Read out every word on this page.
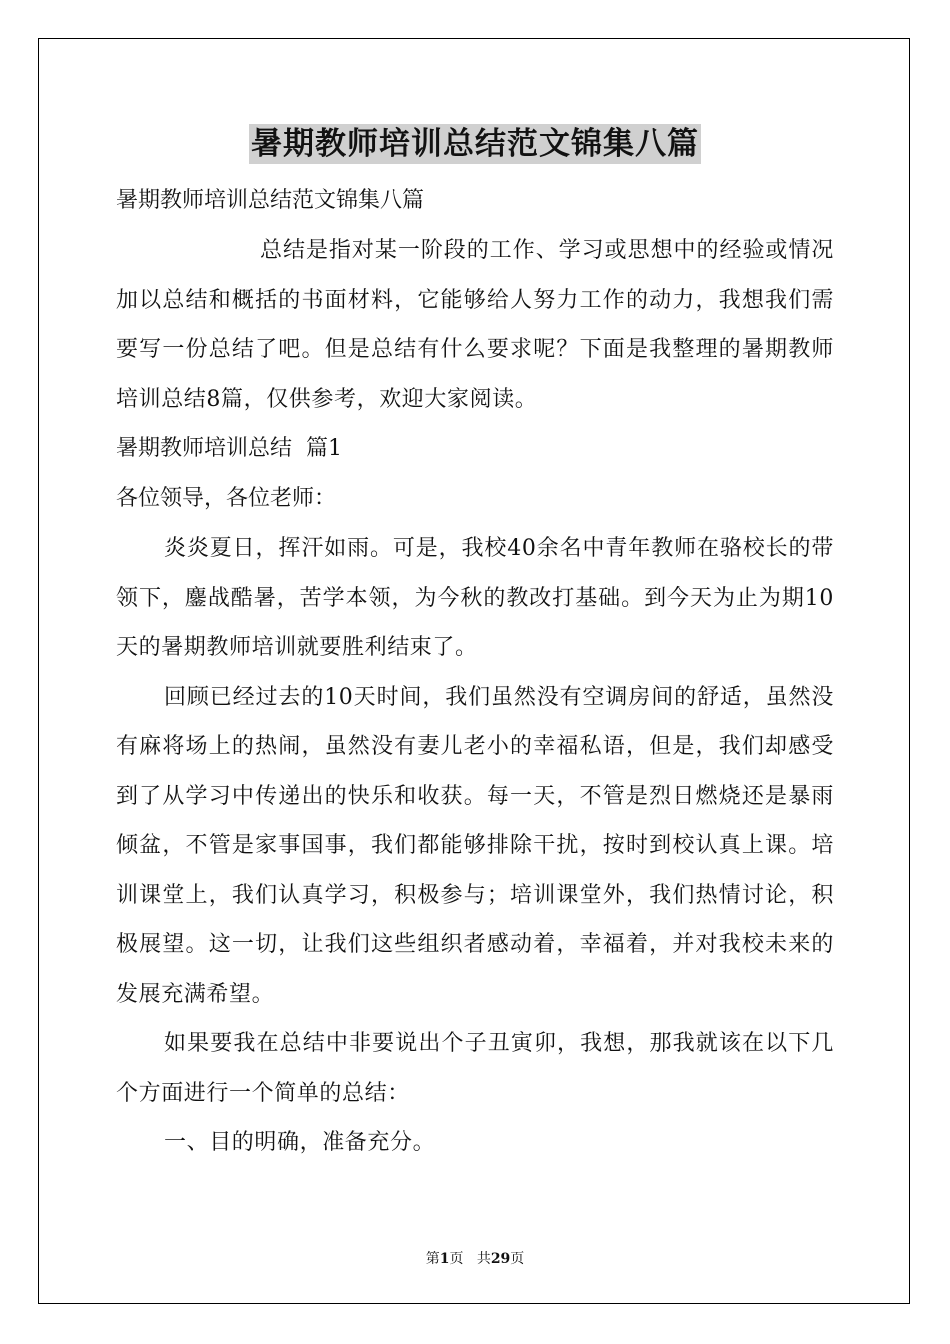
暑期教师培训总结范文锦集八篇

暑期教师培训总结范文锦集八篇

总结是指对某一阶段的工作、学习或思想中的经验或情况加以总结和概括的书面材料，它能够给人努力工作的动力，我想我们需要写一份总结了吧。但是总结有什么要求呢？下面是我整理的暑期教师培训总结8篇，仅供参考，欢迎大家阅读。

暑期教师培训总结  篇1

各位领导，各位老师：

炎炎夏日，挥汗如雨。可是，我校40余名中青年教师在骆校长的带领下，鏖战酷暑，苦学本领，为今秋的教改打基础。到今天为止为期10天的暑期教师培训就要胜利结束了。

回顾已经过去的10天时间，我们虽然没有空调房间的舒适，虽然没有麻将场上的热闹，虽然没有妻儿老小的幸福私语，但是，我们却感受到了从学习中传递出的快乐和收获。每一天，不管是烈日燃烧还是暴雨倾盆，不管是家事国事，我们都能够排除干扰，按时到校认真上课。培训课堂上，我们认真学习，积极参与；培训课堂外，我们热情讨论，积极展望。这一切，让我们这些组织者感动着，幸福着，并对我校未来的发展充满希望。

如果要我在总结中非要说出个子丑寅卯，我想，那我就该在以下几个方面进行一个简单的总结：

一、目的明确，准备充分。

第1页 共29页
